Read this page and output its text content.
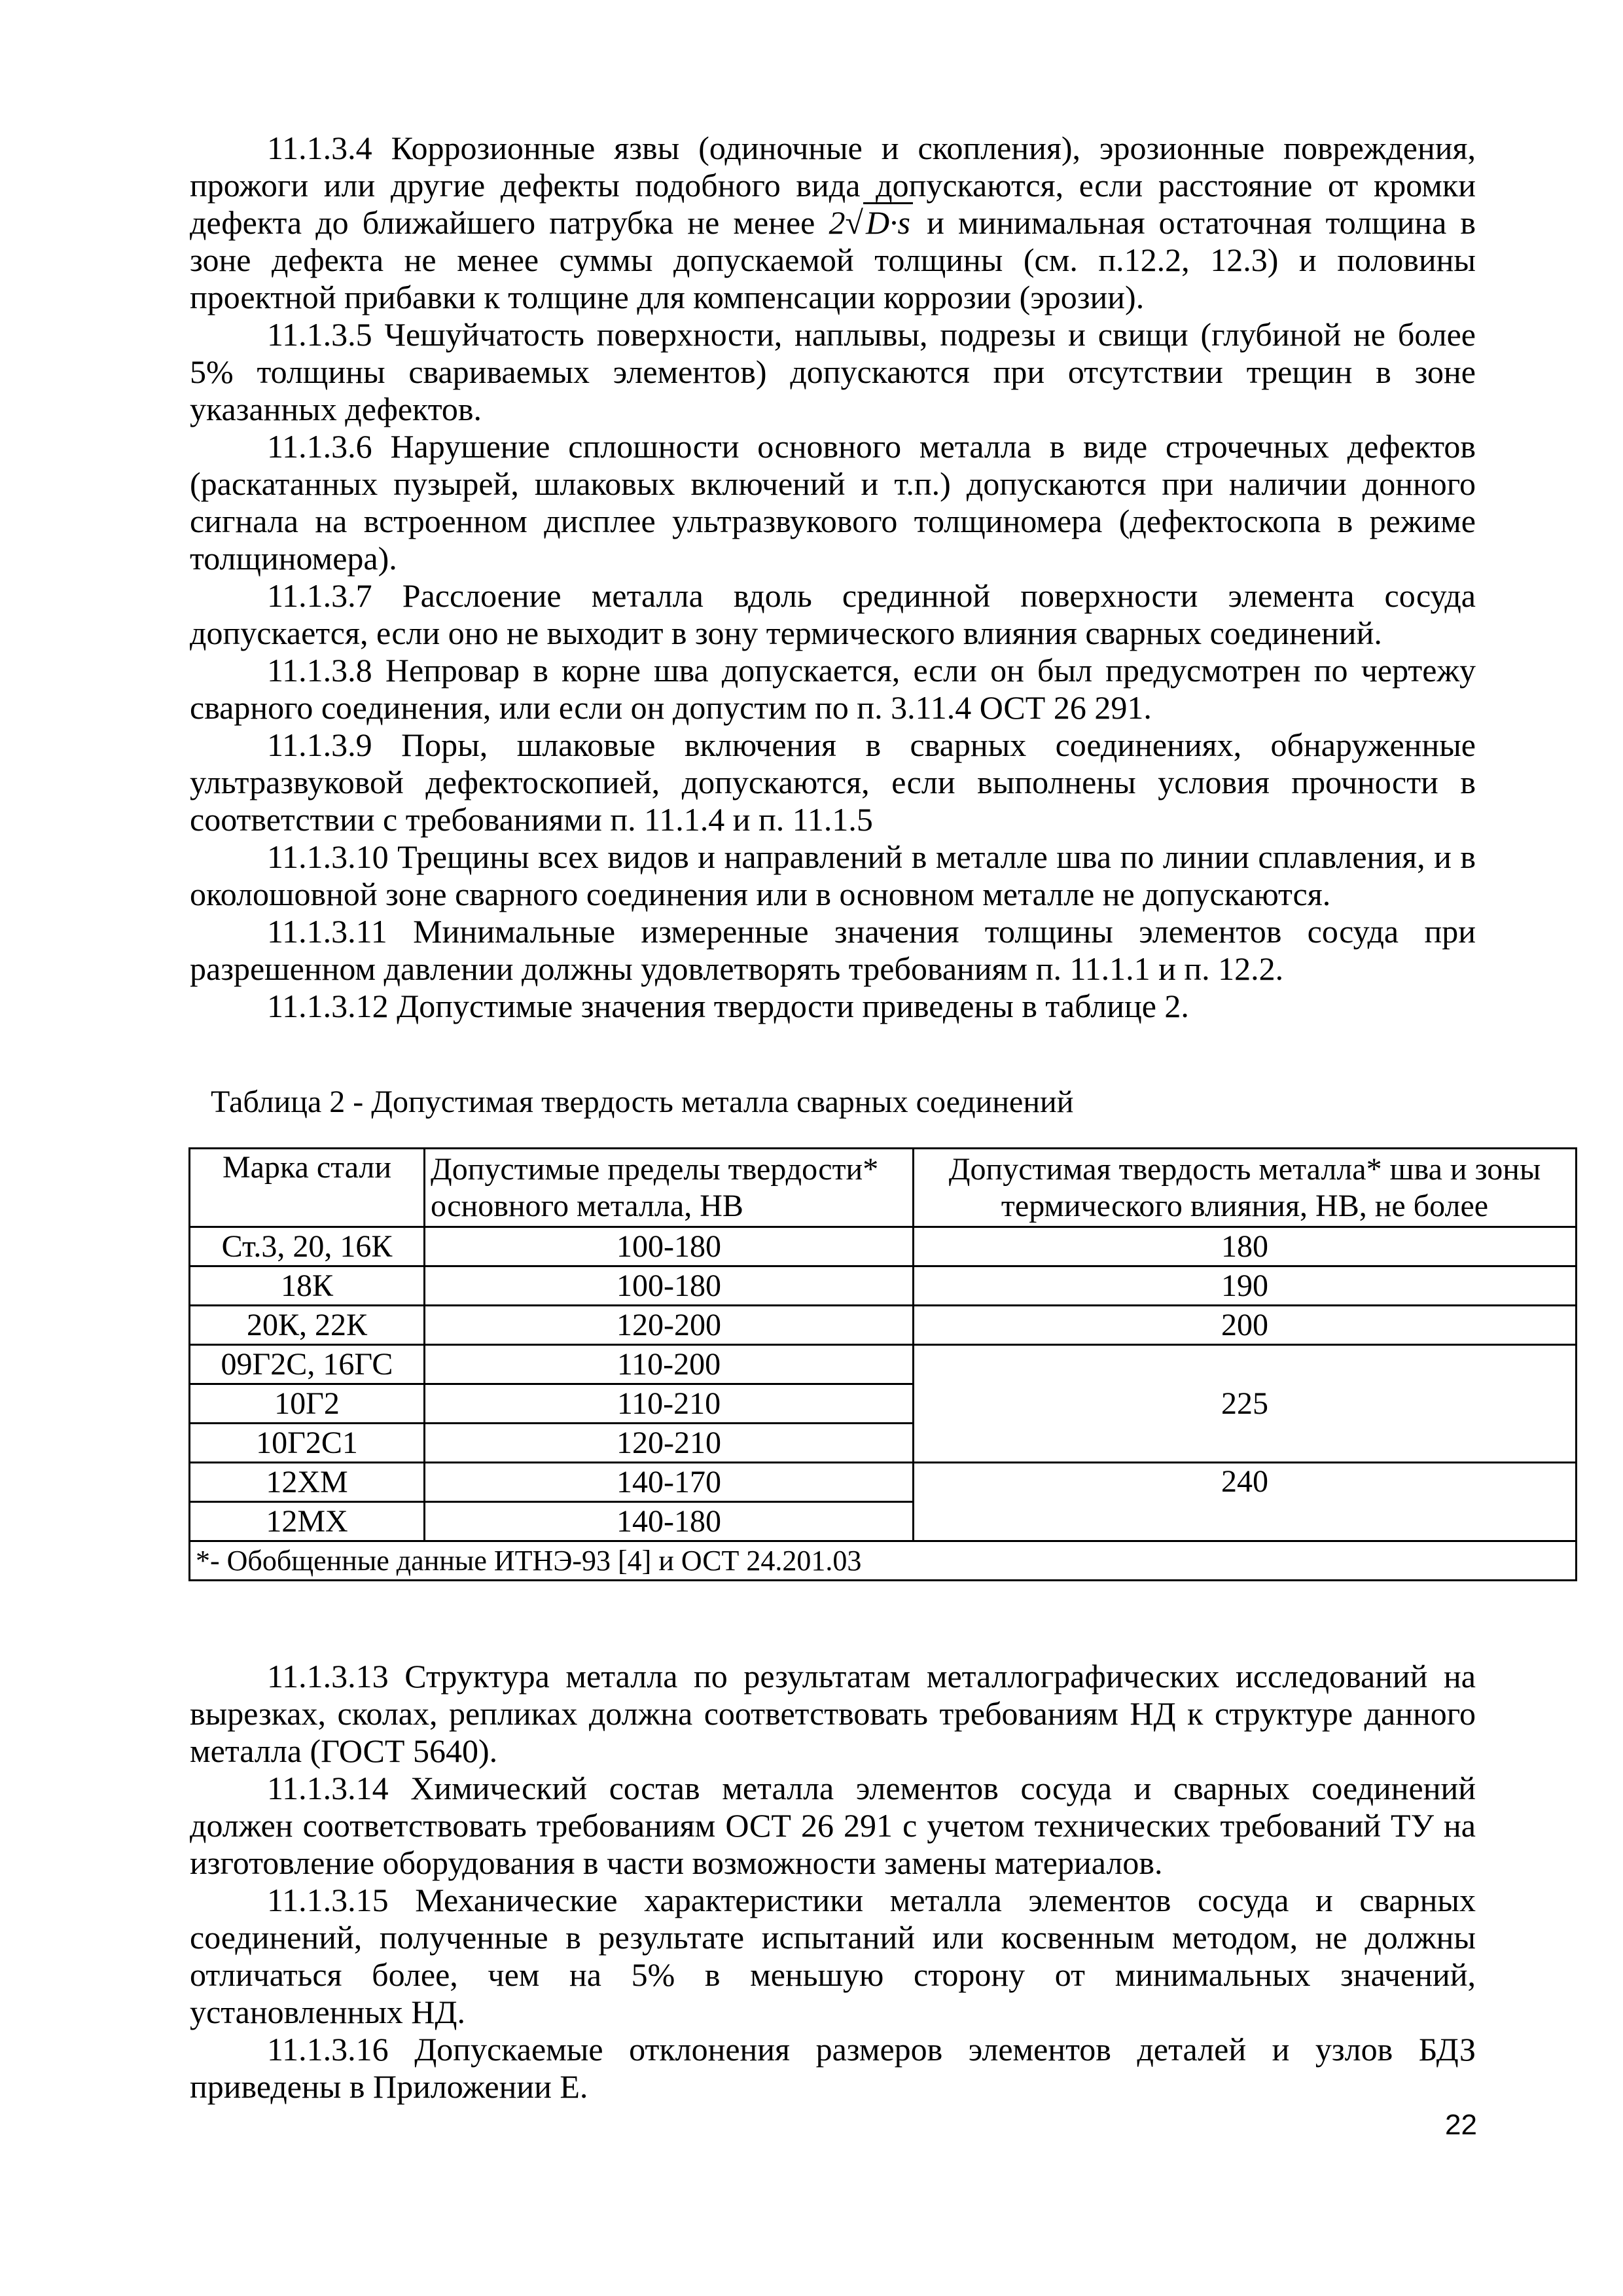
11.1.3.4 Коррозионные язвы (одиночные и скопления), эрозионные повреждения, прожоги или другие дефекты подобного вида допускаются, если расстояние от кромки дефекта до ближайшего патрубка не менее 2√D·s и минимальная остаточная толщина в зоне дефекта не менее суммы допускаемой толщины (см. п.12.2, 12.3) и половины проектной прибавки к толщине для компенсации коррозии (эрозии).

11.1.3.5 Чешуйчатость поверхности, наплывы, подрезы и свищи (глубиной не более 5% толщины свариваемых элементов) допускаются при отсутствии трещин в зоне указанных дефектов.

11.1.3.6 Нарушение сплошности основного металла в виде строчечных дефектов (раскатанных пузырей, шлаковых включений и т.п.) допускаются при наличии донного сигнала на встроенном дисплее ультразвукового толщиномера (дефектоскопа в режиме толщиномера).

11.1.3.7 Расслоение металла вдоль срединной поверхности элемента сосуда допускается, если оно не выходит в зону термического влияния сварных соединений.

11.1.3.8 Непровар в корне шва допускается, если он был предусмотрен по чертежу сварного соединения, или если он допустим по п. 3.11.4 ОСТ 26 291.

11.1.3.9 Поры, шлаковые включения в сварных соединениях, обнаруженные ультразвуковой дефектоскопией, допускаются, если выполнены условия прочности в соответствии с требованиями п. 11.1.4 и п. 11.1.5

11.1.3.10 Трещины всех видов и направлений в металле шва по линии сплавления, и в околошовной зоне сварного соединения или в основном металле не допускаются.

11.1.3.11 Минимальные измеренные значения толщины элементов сосуда при разрешенном давлении должны удовлетворять требованиям п. 11.1.1 и п. 12.2.

11.1.3.12 Допустимые значения твердости приведены в таблице 2.

Таблица 2 - Допустимая твердость металла сварных соединений
Марка стали	Допустимые пределы твердости* основного металла, НВ	Допустимая твердость металла* шва и зоны термического влияния, НВ, не более
Ст.3, 20, 16К	100-180	180
18К	100-180	190
20К, 22К	120-200	200
09Г2С, 16ГС	110-200	225
10Г2	110-210	
10Г2С1	120-210	
12ХМ	140-170	240
12МХ	140-180	
*- Обобщенные данные ИТНЭ-93 [4] и ОСТ 24.201.03		

11.1.3.13 Структура металла по результатам металлографических исследований на вырезках, сколах, репликах должна соответствовать требованиям НД к структуре данного металла (ГОСТ 5640).

11.1.3.14 Химический состав металла элементов сосуда и сварных соединений должен соответствовать требованиям ОСТ 26 291 с учетом технических требований ТУ на изготовление оборудования в части возможности замены материалов.

11.1.3.15 Механические характеристики металла элементов сосуда и сварных соединений, полученные в результате испытаний или косвенным методом, не должны отличаться более, чем на 5% в меньшую сторону от минимальных значений, установленных НД.

11.1.3.16 Допускаемые отклонения размеров элементов деталей и узлов БДЗ приведены в Приложении Е.

22
